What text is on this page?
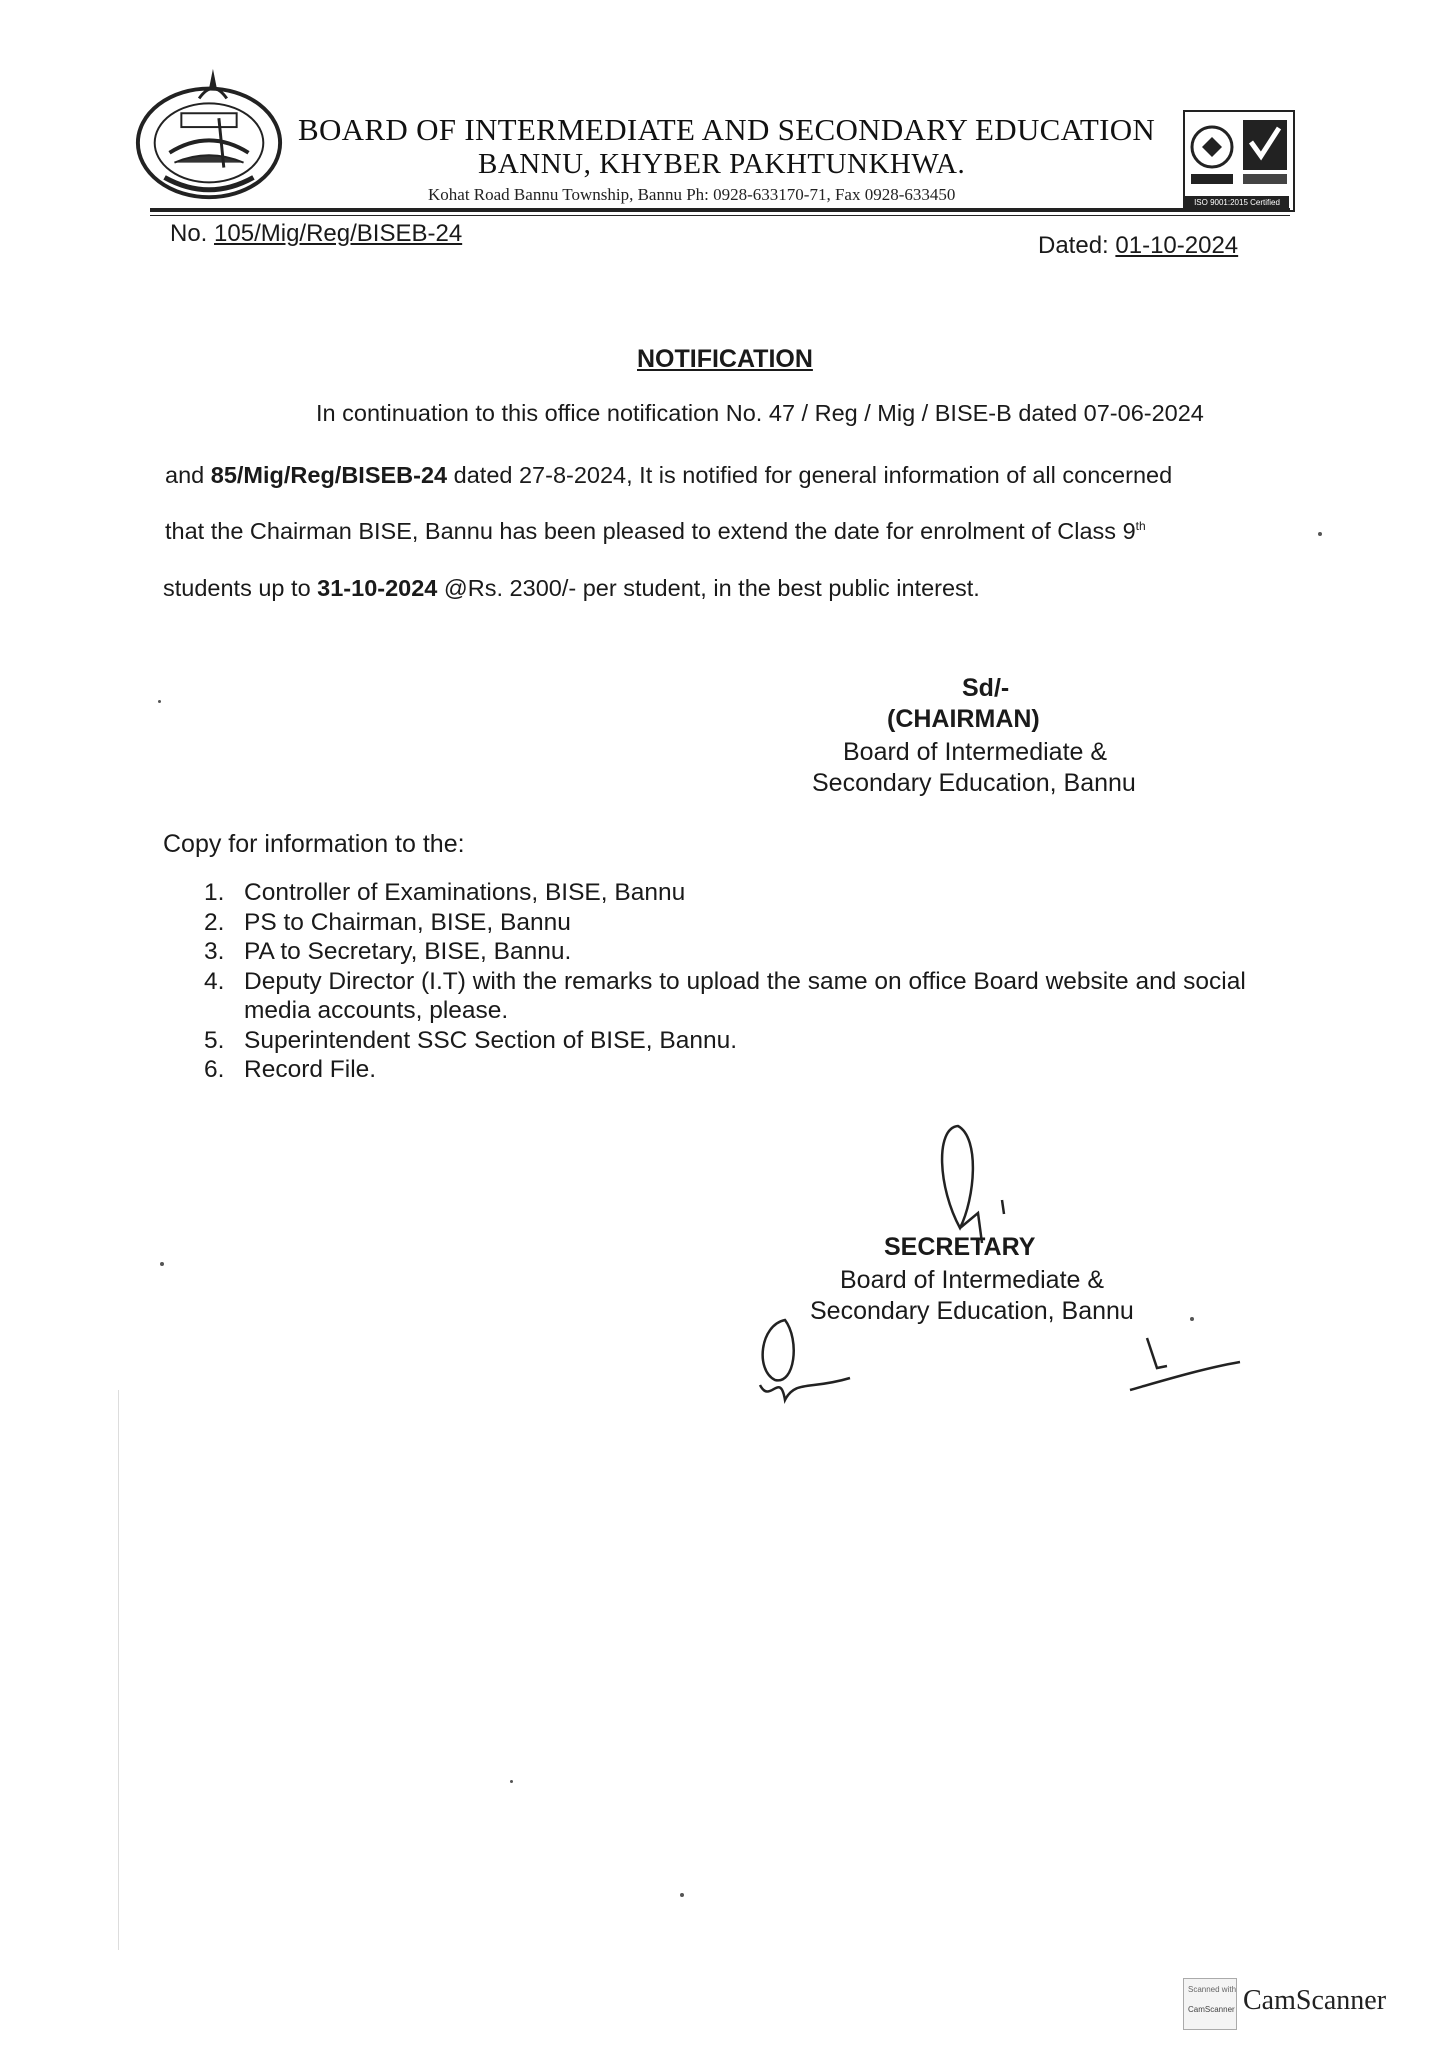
BOARD OF INTERMEDIATE AND SECONDARY EDUCATION
BANNU, KHYBER PAKHTUNKHWA.
Kohat Road Bannu Township, Bannu Ph: 0928-633170-71, Fax 0928-633450	ISO 9001:2015 Certified
No. 105/Mig/Reg/BISEB-24	Dated: 01-10-2024
NOTIFICATION
In continuation to this office notification No. 47 / Reg / Mig / BISE-B dated 07-06-2024
and 85/Mig/Reg/BISEB-24 dated 27-8-2024, It is notified for general information of all concerned
that the Chairman BISE, Bannu has been pleased to extend the date for enrolment of Class 9th
students up to 31-10-2024 @Rs. 2300/- per student, in the best public interest.
Sd/-
(CHAIRMAN)
Board of Intermediate &
Secondary Education, Bannu
Copy for information to the:
1. Controller of Examinations, BISE, Bannu
2. PS to Chairman, BISE, Bannu
3. PA to Secretary, BISE, Bannu.
4. Deputy Director (I.T) with the remarks to upload the same on office Board website and social media accounts, please.
5. Superintendent SSC Section of BISE, Bannu.
6. Record File.
SECRETARY
Board of Intermediate &
Secondary Education, Bannu
Scanned with
CamScanner CamScanner
